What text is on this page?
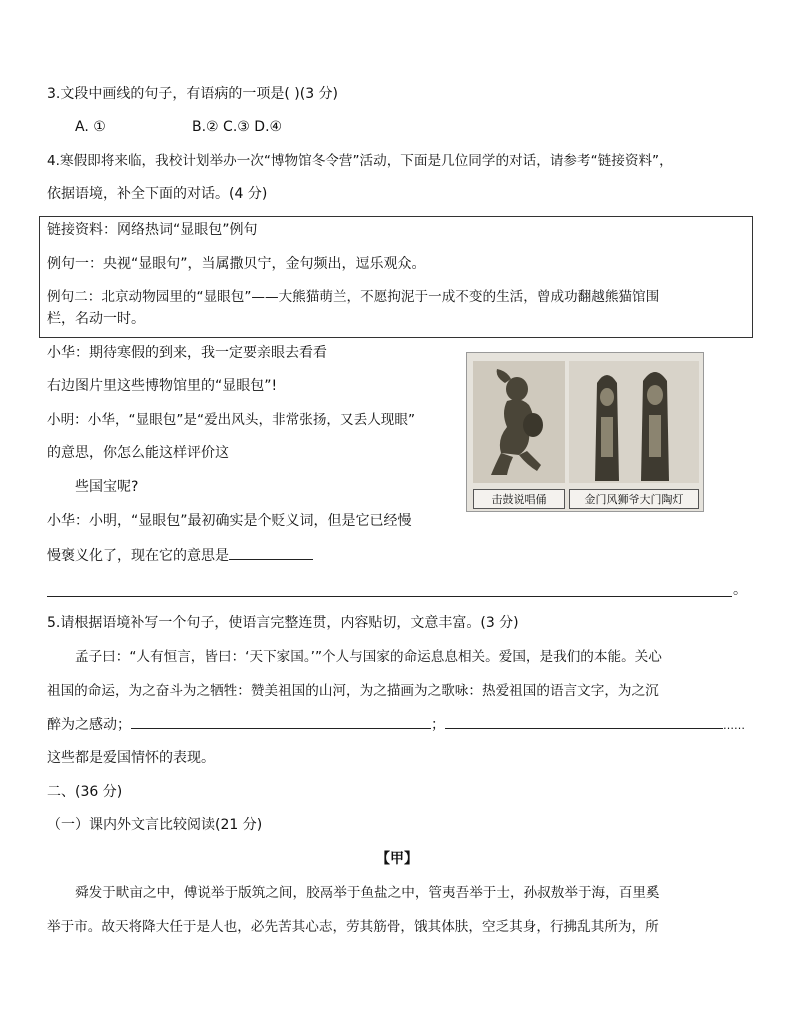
3.文段中画线的句子，有语病的一项是( )(3 分)
A. ①	B.② C.③ D.④
4.寒假即将来临，我校计划举办一次“博物馆冬令营”活动，下面是几位同学的对话，请参考“链接资料”，
依据语境，补全下面的对话。(4 分)
链接资料：网络热词“显眼包”例句
例句一：央视“显眼句”，当属撒贝宁，金句频出，逗乐观众。
例句二：北京动物园里的“显眼包”——大熊猫萌兰，不愿拘泥于一成不变的生活，曾成功翻越熊猫馆围
栏，名动一时。
小华：期待寒假的到来，我一定要亲眼去看看
右边图片里这些博物馆里的“显眼包”!
小明：小华，“显眼包”是“爱出风头，非常张扬，又丢人现眼”
的意思，你怎么能这样评价这
些国宝呢?
小华：小明，“显眼包”最初确实是个贬义词，但是它已经慢
慢褒义化了，现在它的意思是
。
击鼓说唱俑	金门风狮爷大门陶灯
5.请根据语境补写一个句子，使语言完整连贯，内容贴切，文意丰富。(3 分)
孟子曰：“人有恒言，皆曰：‘天下家国。’”个人与国家的命运息息相关。爱国，是我们的本能。关心
祖国的命运，为之奋斗为之牺牲：赞美祖国的山河，为之描画为之歌咏：热爱祖国的语言文字，为之沉
醉为之感动；	；	……
这些都是爱国情怀的表现。
二、(36 分)
（一）课内外文言比较阅读(21 分)
【甲】
舜发于畎亩之中，傅说举于版筑之间，胶鬲举于鱼盐之中，管夷吾举于士，孙叔敖举于海，百里奚
举于市。故天将降大任于是人也，必先苦其心志，劳其筋骨，饿其体肤，空乏其身，行拂乱其所为，所
